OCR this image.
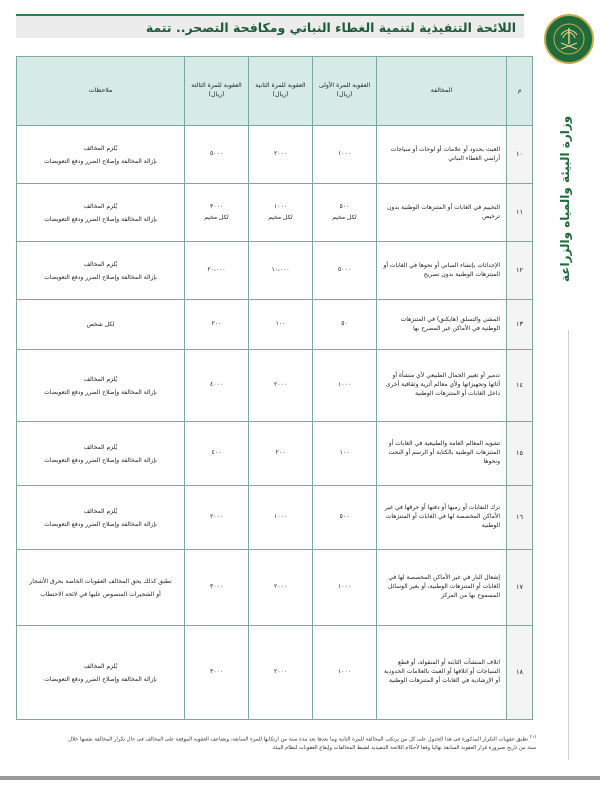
اللائحة التنفيذية لتنمية الغطاء النباتي ومكافحة التصحر.. تتمة
وزارة البيئة والمياه والزراعة
م	المخالفة	العقوبة للمرة الأولى (ريال)	العقوبة للمرة الثانية (ريال)	العقوبة للمرة الثالثة (ريال)	ملاحظات
١٠	العبث بحدود أو علامات أو لوحات أو سياجات أراضي الغطاء النباتي	١٠٠٠	٢٠٠٠	٥٠٠٠	يُلزم المخالف
بإزالة المخالفة وإصلاح الضرر ودفع التعويضات

١١	التخييم في الغابات أو المتنزهات الوطنية بدون ترخيص	٥٠٠
لكل مخيم	١٠٠٠
لكل مخيم	٣٠٠٠
لكل مخيم	يُلزم المخالف
بإزالة المخالفة وإصلاح الضرر ودفع التعويضات

١٢	الإحداثات بإنشاء المباني أو نحوها في الغابات أو المتنزهات الوطنية بدون تصريح	٥٠٠٠	١٠،٠٠٠	٢٠،٠٠٠	يُلزم المخالف
بإزالة المخالفة وإصلاح الضرر ودفع التعويضات

١٣	المشي والتسلق (هايكنق) في المتنزهات الوطنية في الأماكن غير المصرح بها	٥٠	١٠٠	٢٠٠	لكل شخص

١٤	تدمير أو تغيير الجمال الطبيعي لأي منشأة أو أثاثها وتجهيزاتها ولأي معالم أثرية وثقافية أخرى داخل الغابات أو المتنزهات الوطنية	١٠٠٠	٢٠٠٠	٤٠٠٠	يُلزم المخالف
بإزالة المخالفة وإصلاح الضرر ودفع التعويضات

١٥	تشويه المعالم العامة والطبيعية في الغابات أو المتنزهات الوطنية بالكتابة أو الرسم أو النحت ونحوها	١٠٠	٢٠٠	٤٠٠	يُلزم المخالف
بإزالة المخالفة وإصلاح الضرر ودفع التعويضات

١٦	ترك النفايات أو رميها أو دفنها أو حرقها في غير الأماكن المخصصة لها في الغابات أو المتنزهات الوطنية	٥٠٠	١٠٠٠	٢٠٠٠	يُلزم المخالف
بإزالة المخالفة وإصلاح الضرر ودفع التعويضات

١٧	إشعال النار في غير الأماكن المخصصة لها في الغابات أو المتنزهات الوطنية، أو بغير الوسائل المسموح بها من المركز	١٠٠٠	٢٠٠٠	٣٠٠٠	تطبق كذلك بحق المخالف العقوبات الخاصة بحرق الأشجار
أو الشجيرات المنصوص عليها في لائحة الاحتطاب

١٨	اتلاف المنشآت الثابتة أو المنقولة، أو قطع السياجات أو اتلافها أو العبث بالعلامات الحدودية أو الإرشادية في الغابات أو المتنزهات الوطنية	١٠٠٠	٢٠٠٠	٣٠٠٠	يُلزم المخالف
بإزالة المخالفة وإصلاح الضرر ودفع التعويضات
(١)تطبق عقوبات التكرار المذكورة في هذا الجدول على كل من يرتكب المخالفة للمرة الثانية وما بعدها بعد مدة سنة من ارتكابها للمرة السابقة، وتضاعف العقوبة الموقعة على المخالف في حال تكرار المخالفة نفسها خلال
سنة من تاريخ صيرورة قرار العقوبة السابقة نهائيا وفقا لأحكام اللائحة التنفيذية لضبط المخالفات وإيقاع العقوبات لنظام البيئة.
